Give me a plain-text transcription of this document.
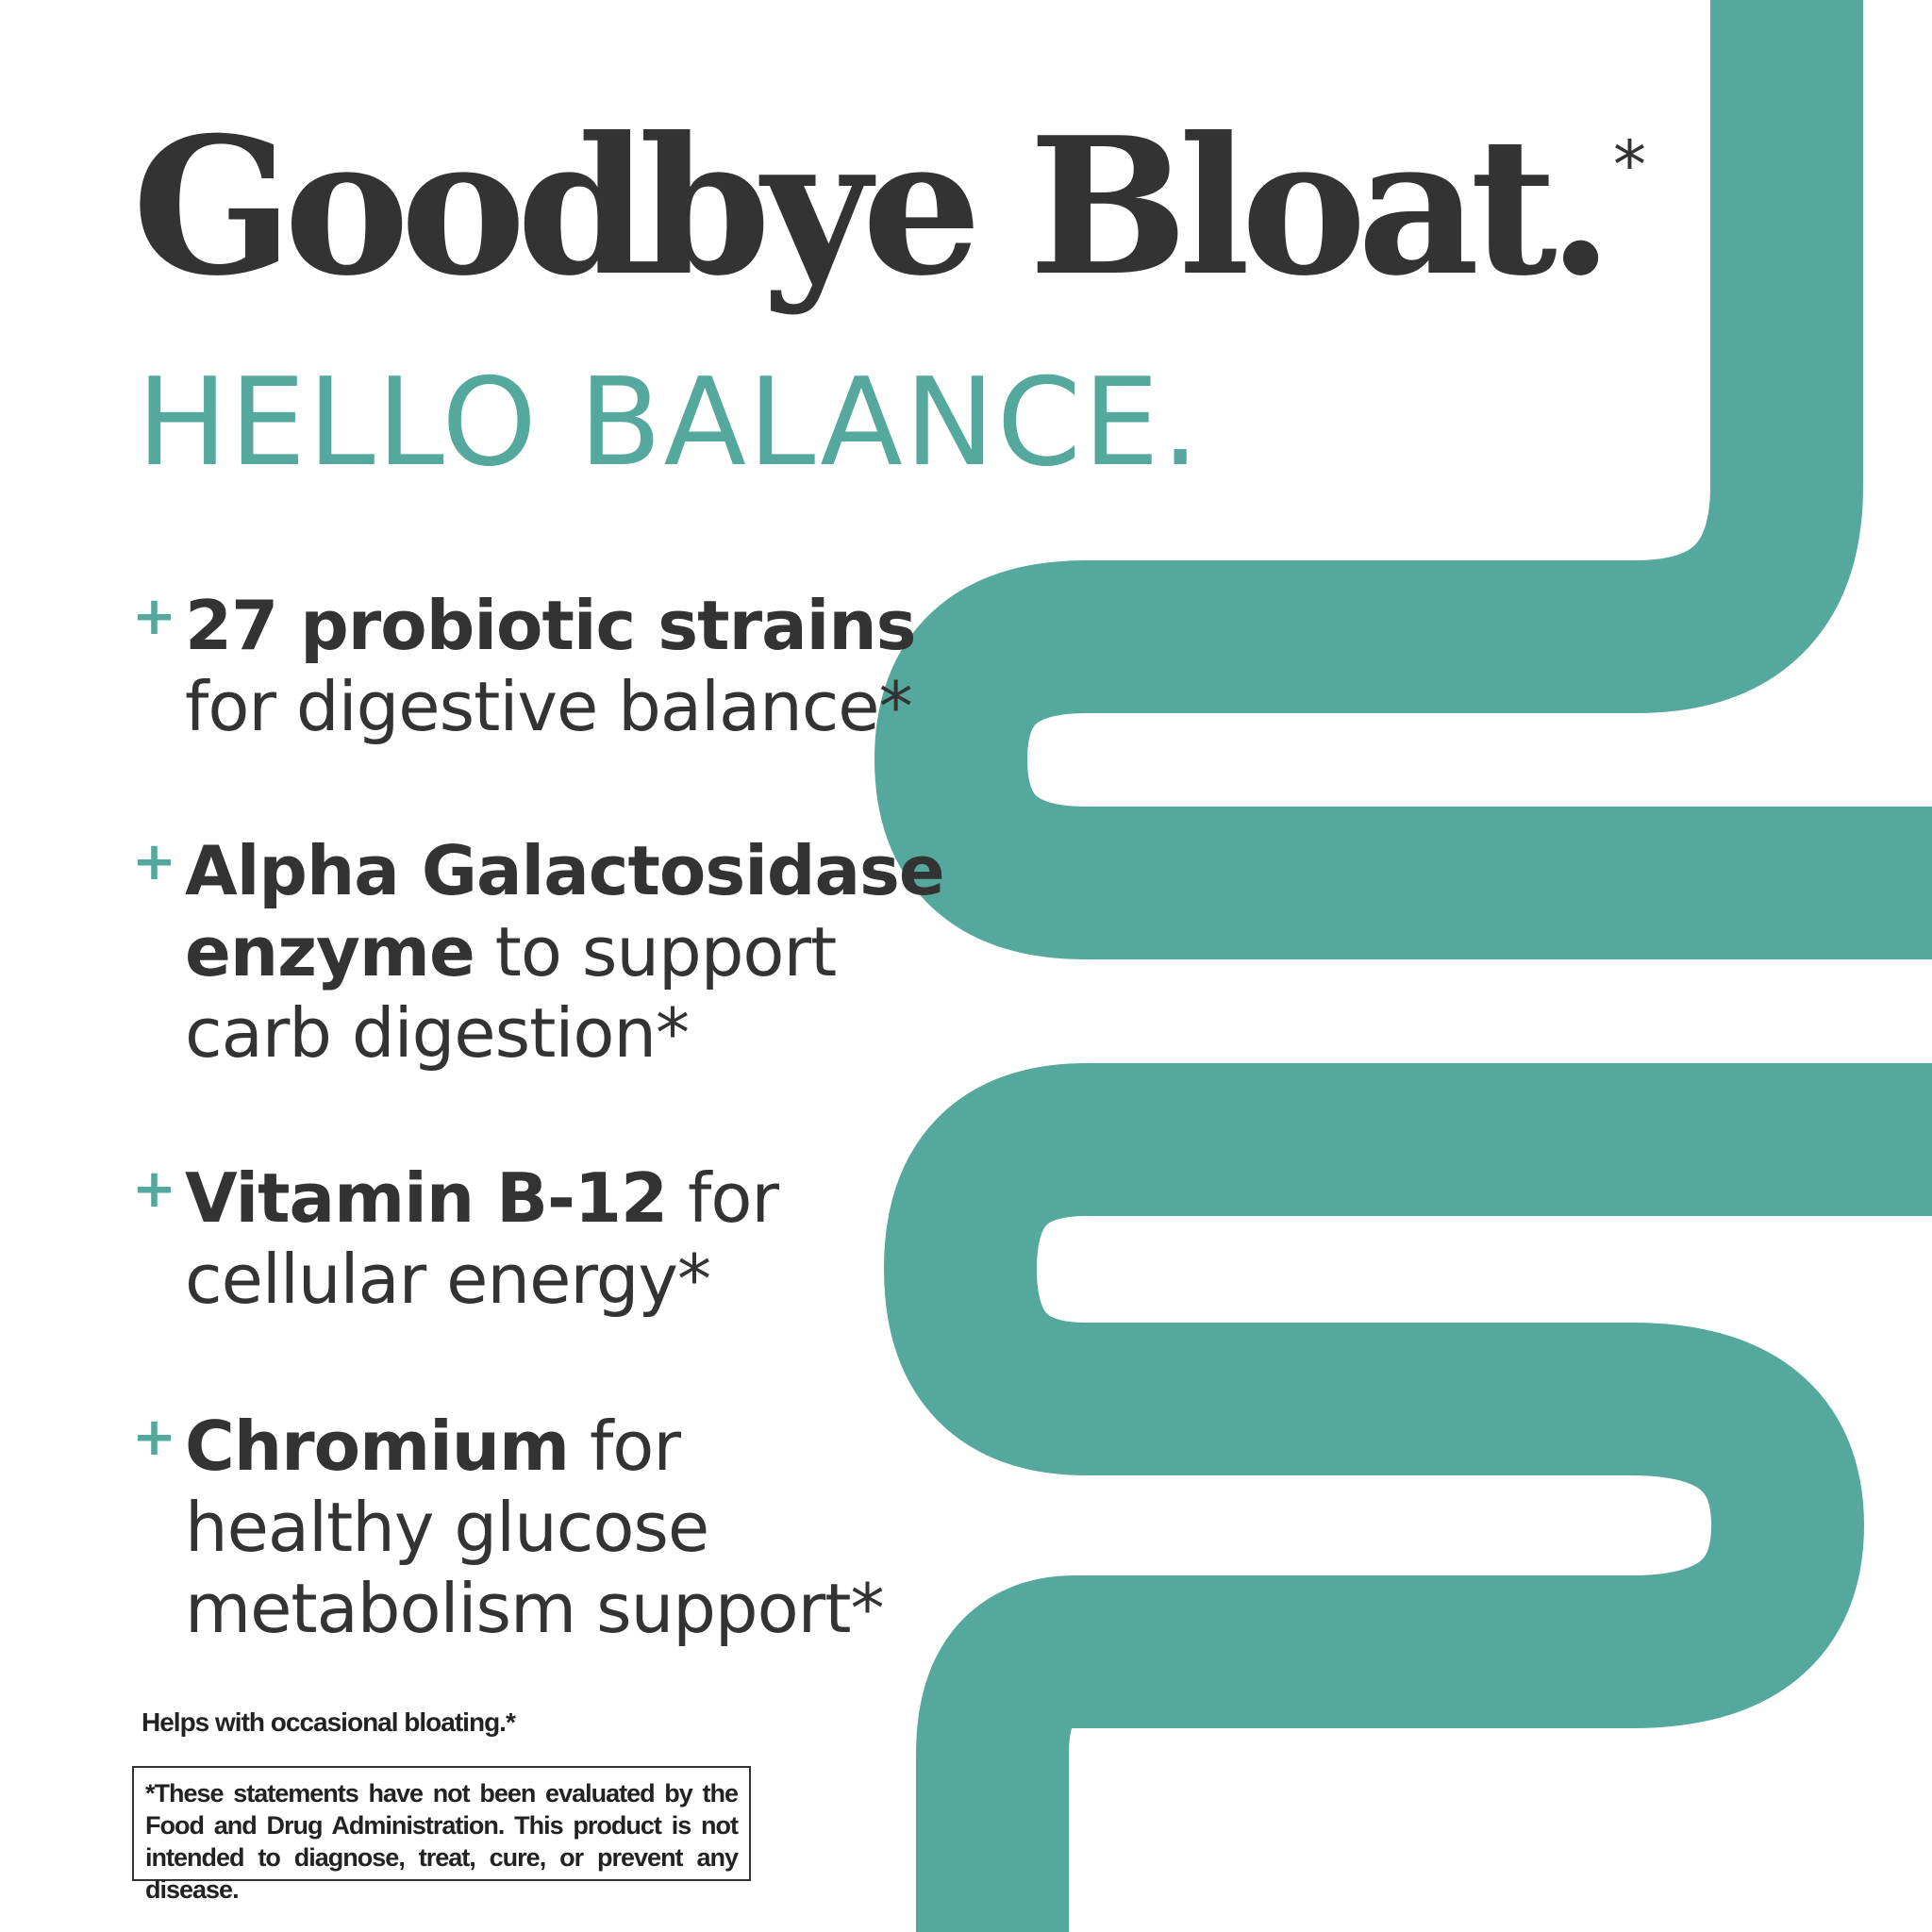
Goodbye Bloat. *
HELLO BALANCE.
+ 27 probiotic strains
for digestive balance*
+ Alpha Galactosidase
enzyme to support
carb digestion*
+ Vitamin B-12 for
cellular energy*
+ Chromium for
healthy glucose
metabolism support*
Helps with occasional bloating.*
*These statements have not been evaluated by the Food and Drug Administration. This product is not intended to diagnose, treat, cure, or prevent any disease.
